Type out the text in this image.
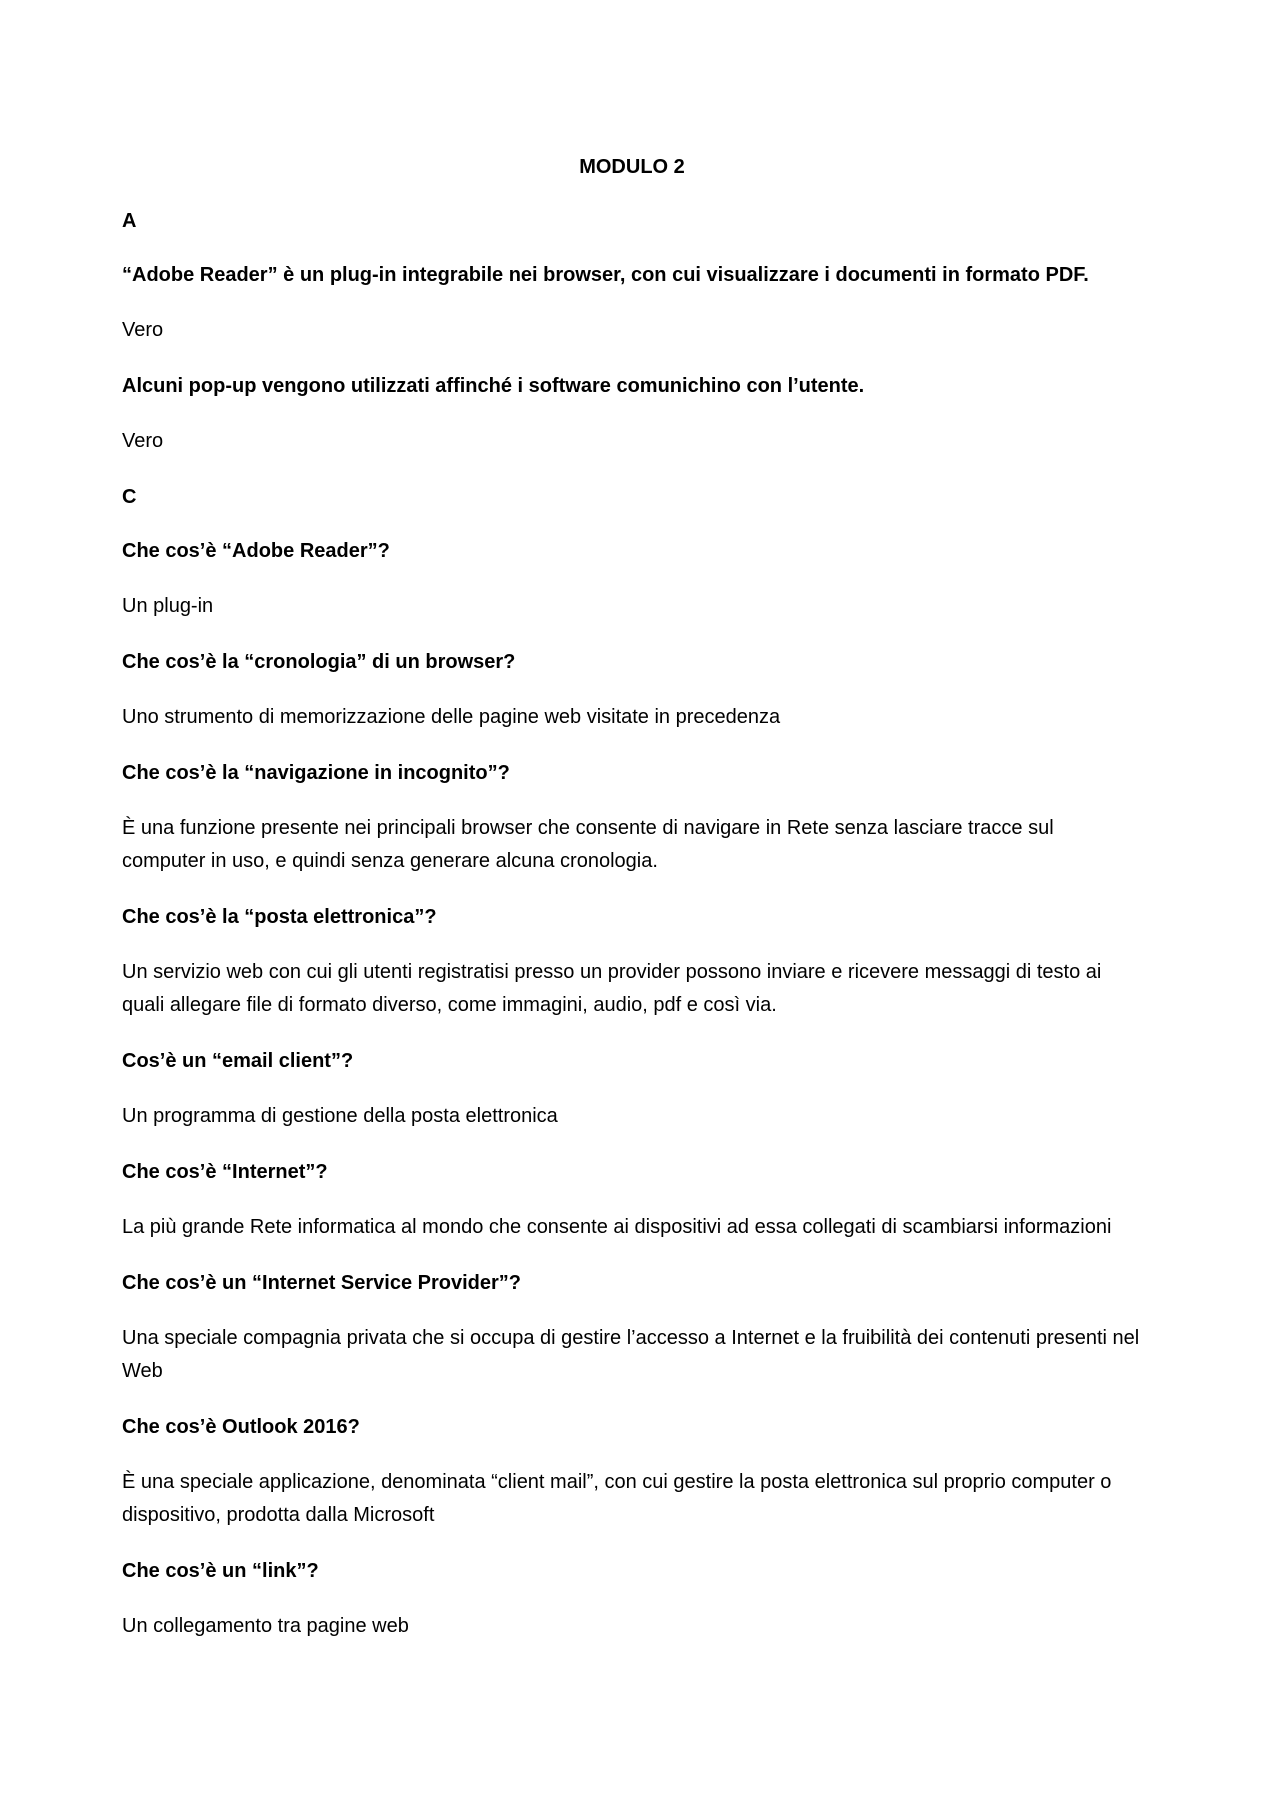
MODULO 2
A
“Adobe Reader” è un plug-in integrabile nei browser, con cui visualizzare i documenti in formato PDF.
Vero
Alcuni pop-up vengono utilizzati affinché i software comunichino con l’utente.
Vero
C
Che cos’è “Adobe Reader”?
Un plug-in
Che cos’è la “cronologia” di un browser?
Uno strumento di memorizzazione delle pagine web visitate in precedenza
Che cos’è la “navigazione in incognito”?
È una funzione presente nei principali browser che consente di navigare in Rete senza lasciare tracce sul computer in uso, e quindi senza generare alcuna cronologia.
Che cos’è la “posta elettronica”?
Un servizio web con cui gli utenti registratisi presso un provider possono inviare e ricevere messaggi di testo ai quali allegare file di formato diverso, come immagini, audio, pdf e così via.
Cos’è un “email client”?
Un programma di gestione della posta elettronica
Che cos’è “Internet”?
La più grande Rete informatica al mondo che consente ai dispositivi ad essa collegati di scambiarsi informazioni
Che cos’è un “Internet Service Provider”?
Una speciale compagnia privata che si occupa di gestire l’accesso a Internet e la fruibilità dei contenuti presenti nel Web
Che cos’è Outlook 2016?
È una speciale applicazione, denominata “client mail”, con cui gestire la posta elettronica sul proprio computer o dispositivo, prodotta dalla Microsoft
Che cos’è un “link”?
Un collegamento tra pagine web
